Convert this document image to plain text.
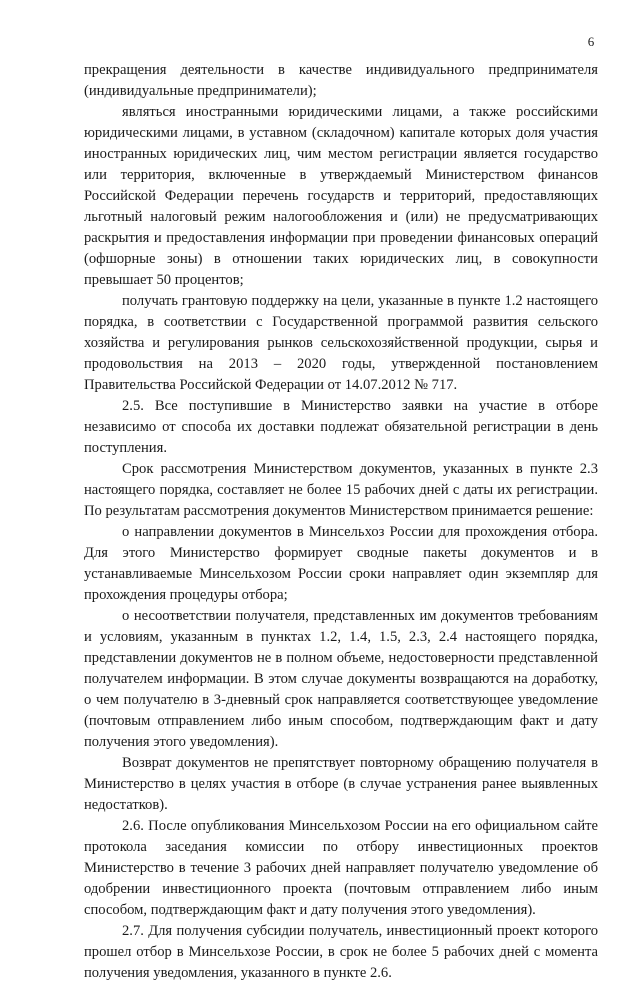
6

прекращения деятельности в качестве индивидуального предпринимателя (индивидуальные предприниматели);

являться иностранными юридическими лицами, а также российскими юридическими лицами, в уставном (складочном) капитале которых доля участия иностранных юридических лиц, чим местом регистрации является государство или территория, включенные в утверждаемый Министерством финансов Российской Федерации перечень государств и территорий, предоставляющих льготный налоговый режим налогообложения и (или) не предусматривающих раскрытия и предоставления информации при проведении финансовых операций (офшорные зоны) в отношении таких юридических лиц, в совокупности превышает 50 процентов;

получать грантовую поддержку на цели, указанные в пункте 1.2 настоящего порядка, в соответствии с Государственной программой развития сельского хозяйства и регулирования рынков сельскохозяйственной продукции, сырья и продовольствия на 2013 – 2020 годы, утвержденной постановлением Правительства Российской Федерации от 14.07.2012 № 717.

2.5. Все поступившие в Министерство заявки на участие в отборе независимо от способа их доставки подлежат обязательной регистрации в день поступления.

Срок рассмотрения Министерством документов, указанных в пункте 2.3 настоящего порядка, составляет не более 15 рабочих дней с даты их регистрации. По результатам рассмотрения документов Министерством принимается решение:

о направлении документов в Минсельхоз России для прохождения отбора. Для этого Министерство формирует сводные пакеты документов и в устанавливаемые Минсельхозом России сроки направляет один экземпляр для прохождения процедуры отбора;

о несоответствии получателя, представленных им документов требованиям и условиям, указанным в пунктах 1.2, 1.4, 1.5, 2.3, 2.4 настоящего порядка, представлении документов не в полном объеме, недостоверности представленной получателем информации. В этом случае документы возвращаются на доработку, о чем получателю в 3-дневный срок направляется соответствующее уведомление (почтовым отправлением либо иным способом, подтверждающим факт и дату получения этого уведомления).

Возврат документов не препятствует повторному обращению получателя в Министерство в целях участия в отборе (в случае устранения ранее выявленных недостатков).

2.6. После опубликования Минсельхозом России на его официальном сайте протокола заседания комиссии по отбору инвестиционных проектов Министерство в течение 3 рабочих дней направляет получателю уведомление об одобрении инвестиционного проекта (почтовым отправлением либо иным способом, подтверждающим факт и дату получения этого уведомления).

2.7. Для получения субсидии получатель, инвестиционный проект которого прошел отбор в Минсельхозе России, в срок не более 5 рабочих дней с момента получения уведомления, указанного в пункте 2.6.
